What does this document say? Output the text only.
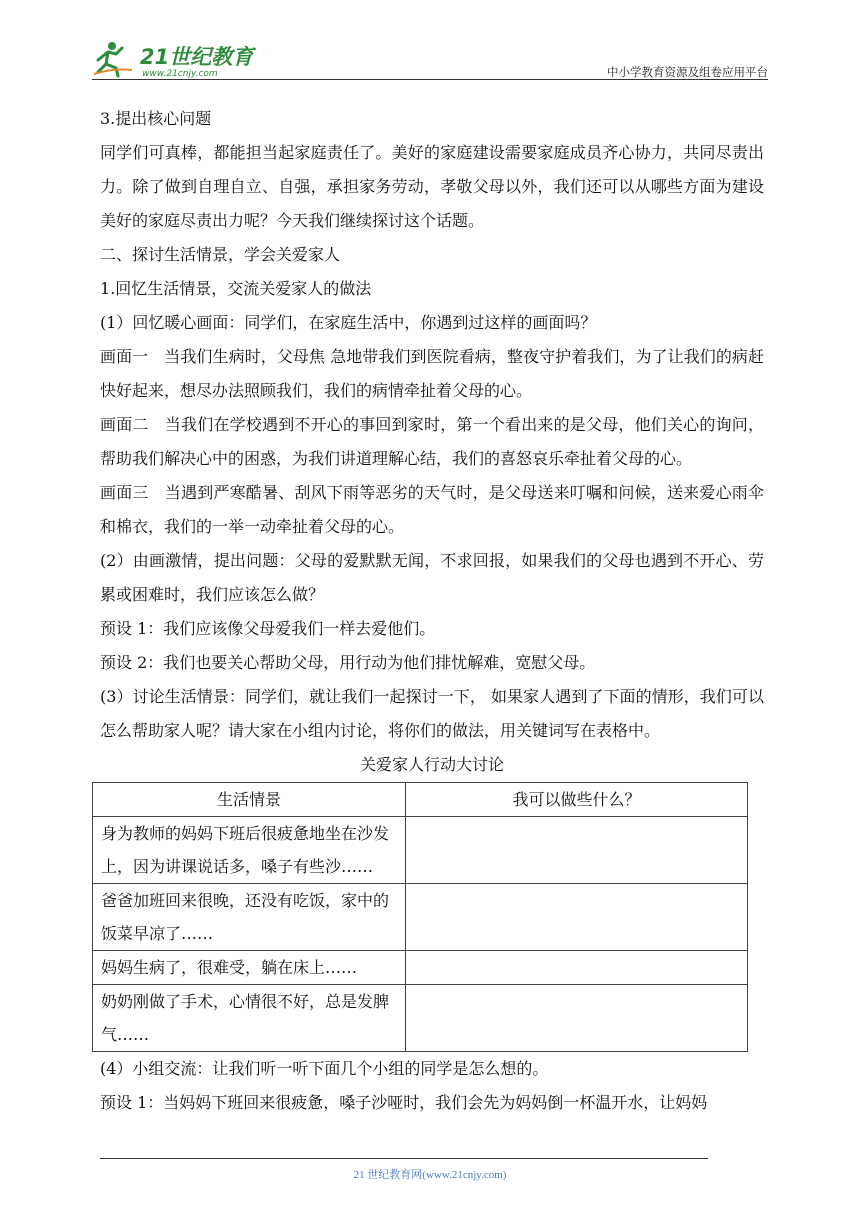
21世纪教育
www.21cnjy.com	中小学教育资源及组卷应用平台

3.提出核心问题

同学们可真棒，都能担当起家庭责任了。美好的家庭建设需要家庭成员齐心协力，共同尽责出力。除了做到自理自立、自强，承担家务劳动，孝敬父母以外，我们还可以从哪些方面为建设美好的家庭尽责出力呢？今天我们继续探讨这个话题。

二、探讨生活情景，学会关爱家人

1.回忆生活情景，交流关爱家人的做法

(1）回忆暖心画面：同学们，在家庭生活中，你遇到过这样的画面吗？

画面一　当我们生病时，父母焦 急地带我们到医院看病，整夜守护着我们，为了让我们的病赶快好起来，想尽办法照顾我们，我们的病情牵扯着父母的心。

画面二　当我们在学校遇到不开心的事回到家时，第一个看出来的是父母，他们关心的询问，帮助我们解决心中的困惑，为我们讲道理解心结，我们的喜怒哀乐牵扯着父母的心。

画面三　当遇到严寒酷暑、刮风下雨等恶劣的天气时，是父母送来叮嘱和问候，送来爱心雨伞和棉衣，我们的一举一动牵扯着父母的心。

(2）由画激情，提出问题：父母的爱默默无闻，不求回报，如果我们的父母也遇到不开心、劳累或困难时，我们应该怎么做？

预设 1：我们应该像父母爱我们一样去爱他们。

预设 2：我们也要关心帮助父母，用行动为他们排忧解难，宽慰父母。

(3）讨论生活情景：同学们，就让我们一起探讨一下， 如果家人遇到了下面的情形，我们可以怎么帮助家人呢？请大家在小组内讨论，将你们的做法，用关键词写在表格中。

关爱家人行动大讨论
生活情景	我可以做些什么？
身为教师的妈妈下班后很疲惫地坐在沙发上，因为讲课说话多，嗓子有些沙……	
爸爸加班回来很晚，还没有吃饭，家中的饭菜早凉了……	
妈妈生病了，很难受，躺在床上……	
奶奶刚做了手术，心情很不好，总是发脾气……	

(4）小组交流：让我们听一听下面几个小组的同学是怎么想的。

预设 1：当妈妈下班回来很疲惫，嗓子沙哑时，我们会先为妈妈倒一杯温开水，让妈妈

21 世纪教育网(www.21cnjy.com)
